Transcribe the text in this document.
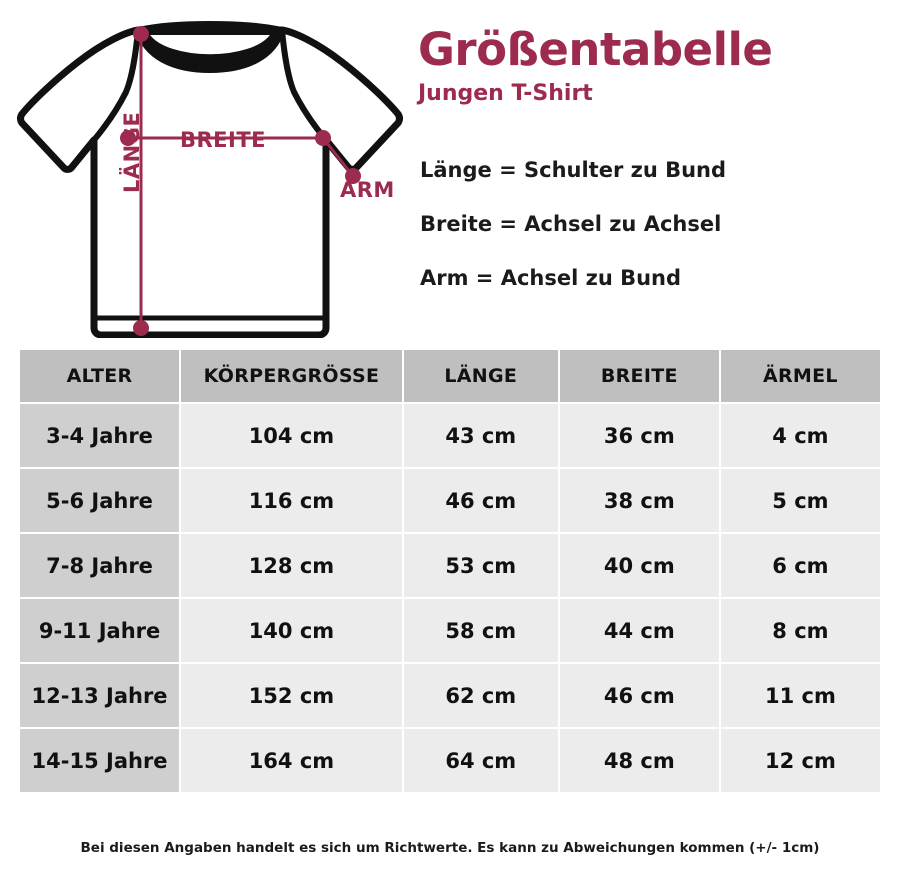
BREITE
ARM
LÄNGE
Größentabelle
Jungen T-Shirt
Länge = Schulter zu Bund
Breite = Achsel zu Achsel
Arm = Achsel zu Bund
ALTER	KÖRPERGRÖSSE	LÄNGE	BREITE	ÄRMEL
3-4 Jahre	104 cm	43 cm	36 cm	4 cm
5-6 Jahre	116 cm	46 cm	38 cm	5 cm
7-8 Jahre	128 cm	53 cm	40 cm	6 cm
9-11 Jahre	140 cm	58 cm	44 cm	8 cm
12-13 Jahre	152 cm	62 cm	46 cm	11 cm
14-15 Jahre	164 cm	64 cm	48 cm	12 cm
Bei diesen Angaben handelt es sich um Richtwerte. Es kann zu Abweichungen kommen (+/- 1cm)
